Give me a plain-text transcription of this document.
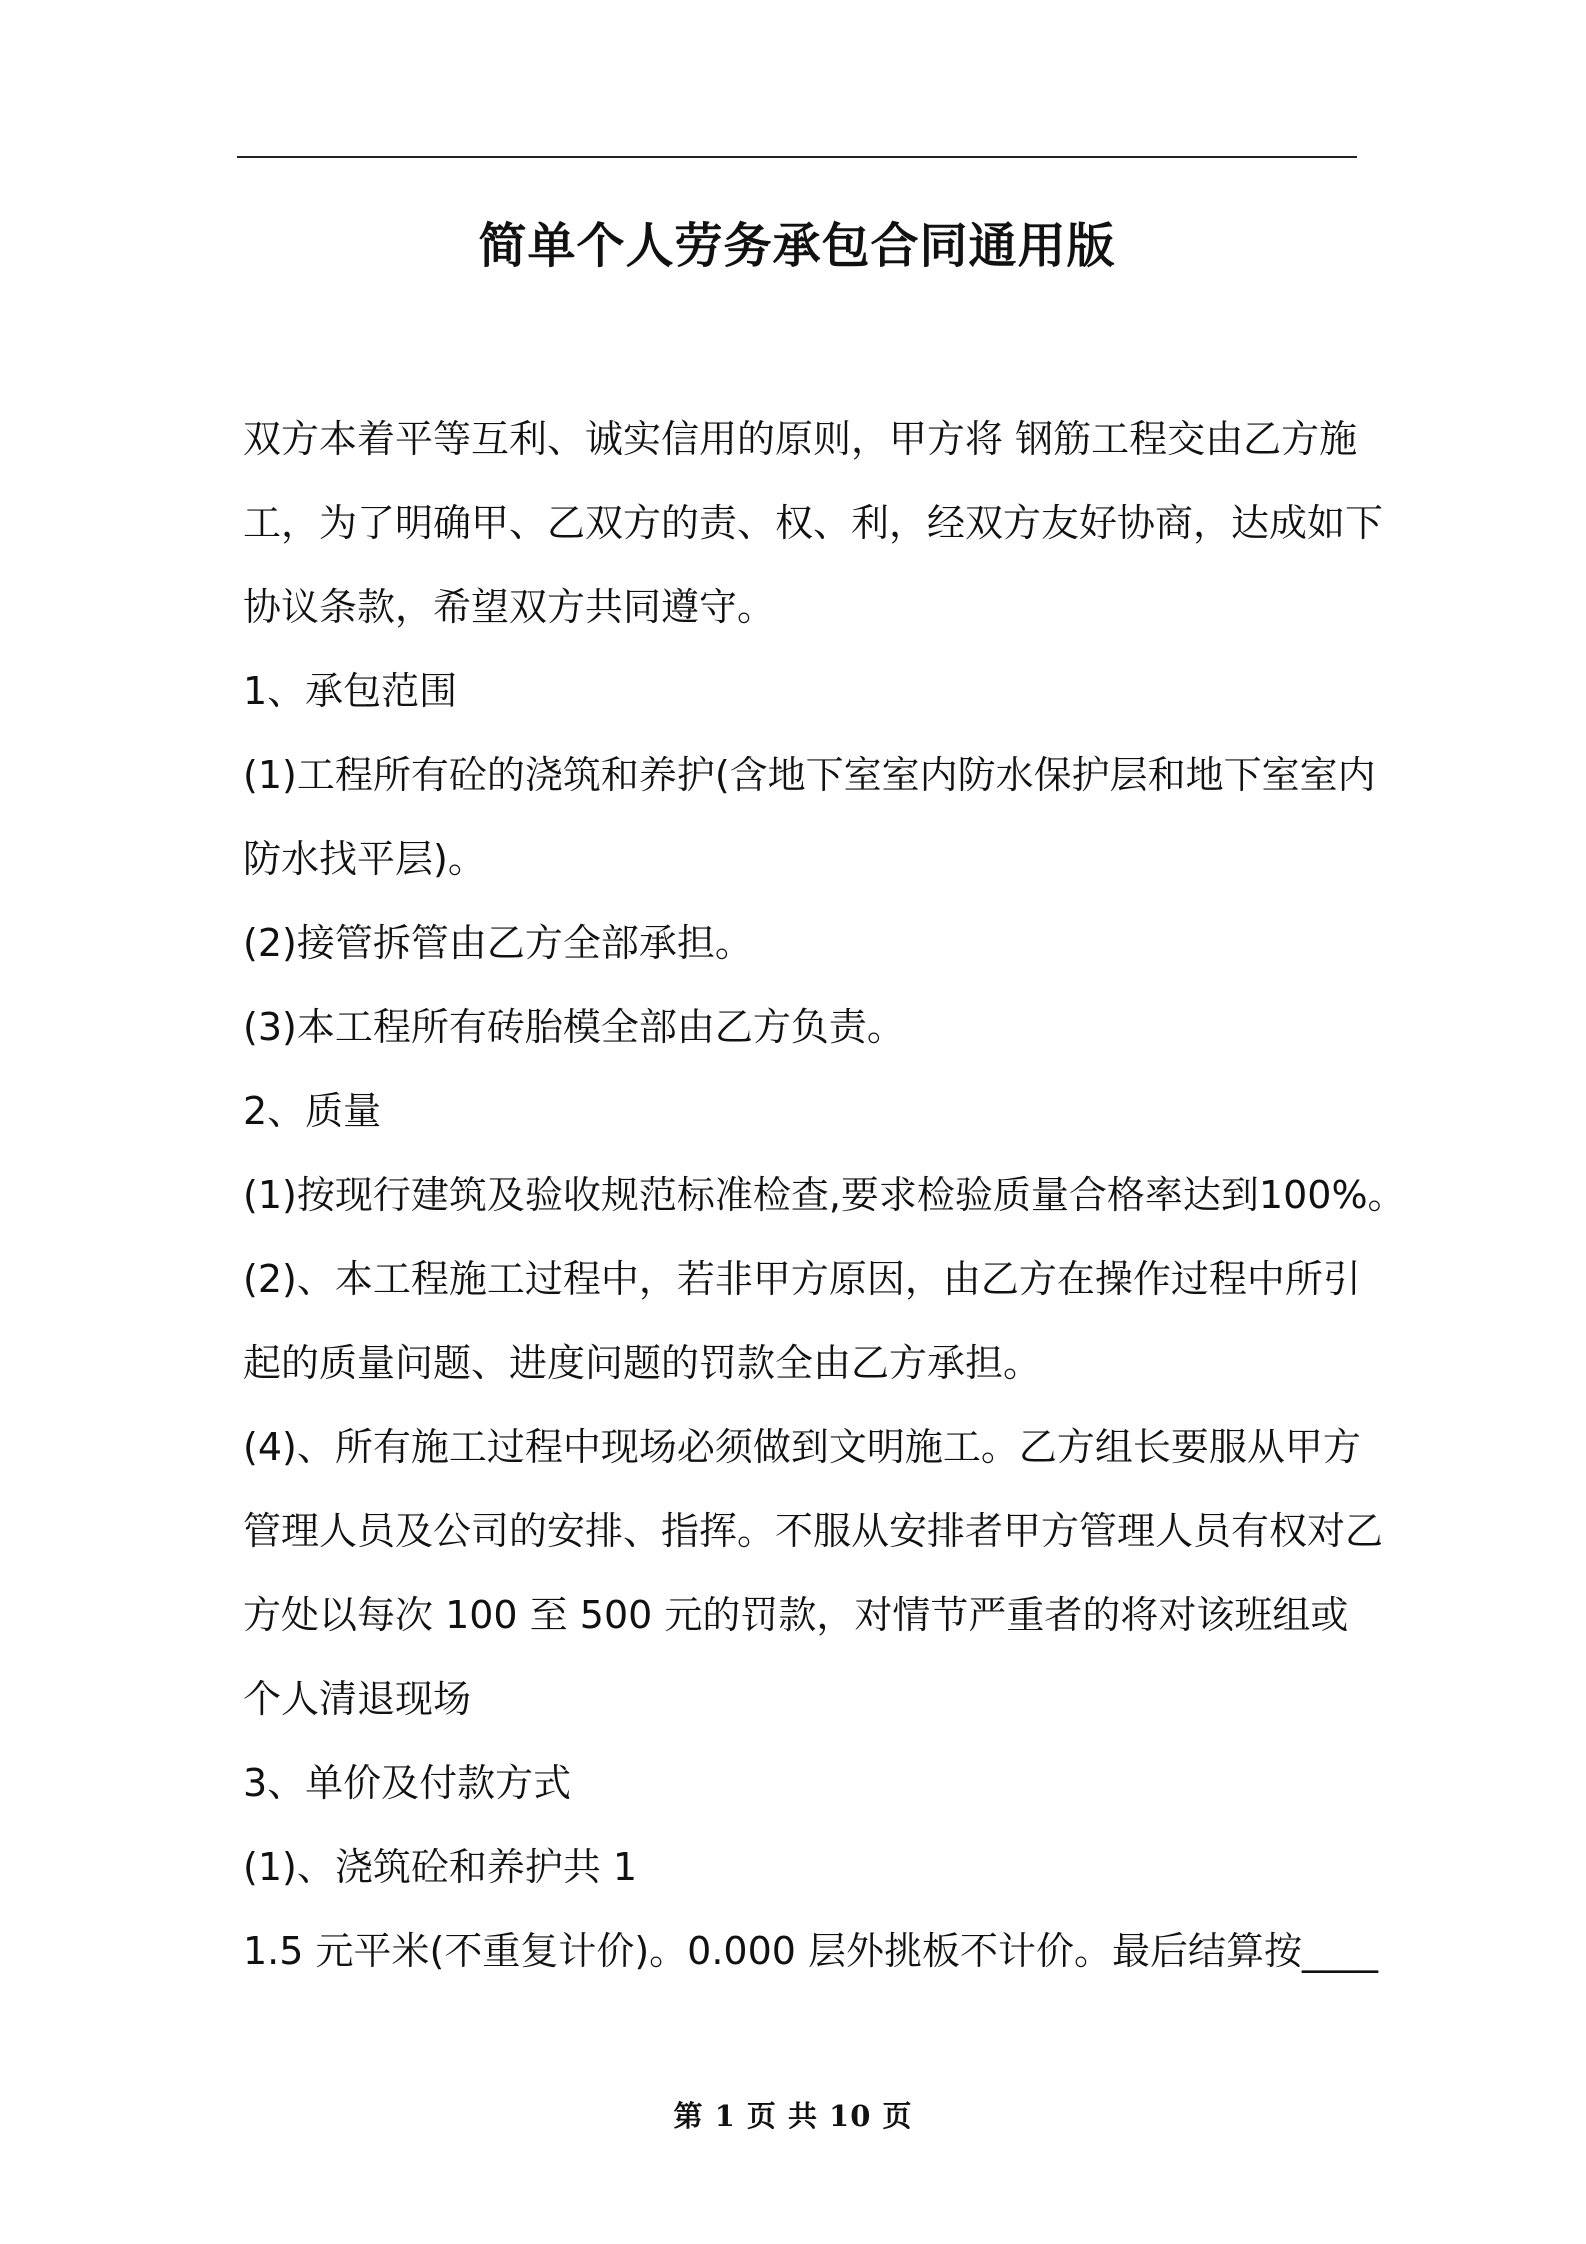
简单个人劳务承包合同通用版

双方本着平等互利、诚实信用的原则，甲方将 钢筋工程交由乙方施工，为了明确甲、乙双方的责、权、利，经双方友好协商，达成如下协议条款，希望双方共同遵守。

1、承包范围

(1)工程所有砼的浇筑和养护(含地下室室内防水保护层和地下室室内防水找平层)。

(2)接管拆管由乙方全部承担。

(3)本工程所有砖胎模全部由乙方负责。

2、质量

(1)按现行建筑及验收规范标准检查,要求检验质量合格率达到100%。

(2)、本工程施工过程中，若非甲方原因，由乙方在操作过程中所引起的质量问题、进度问题的罚款全由乙方承担。

(4)、所有施工过程中现场必须做到文明施工。乙方组长要服从甲方管理人员及公司的安排、指挥。不服从安排者甲方管理人员有权对乙方处以每次 100 至 500 元的罚款，对情节严重者的将对该班组或个人清退现场

3、单价及付款方式

(1)、浇筑砼和养护共 1

1.5 元平米(不重复计价)。0.000 层外挑板不计价。最后结算按____

第 1 页 共 10 页
